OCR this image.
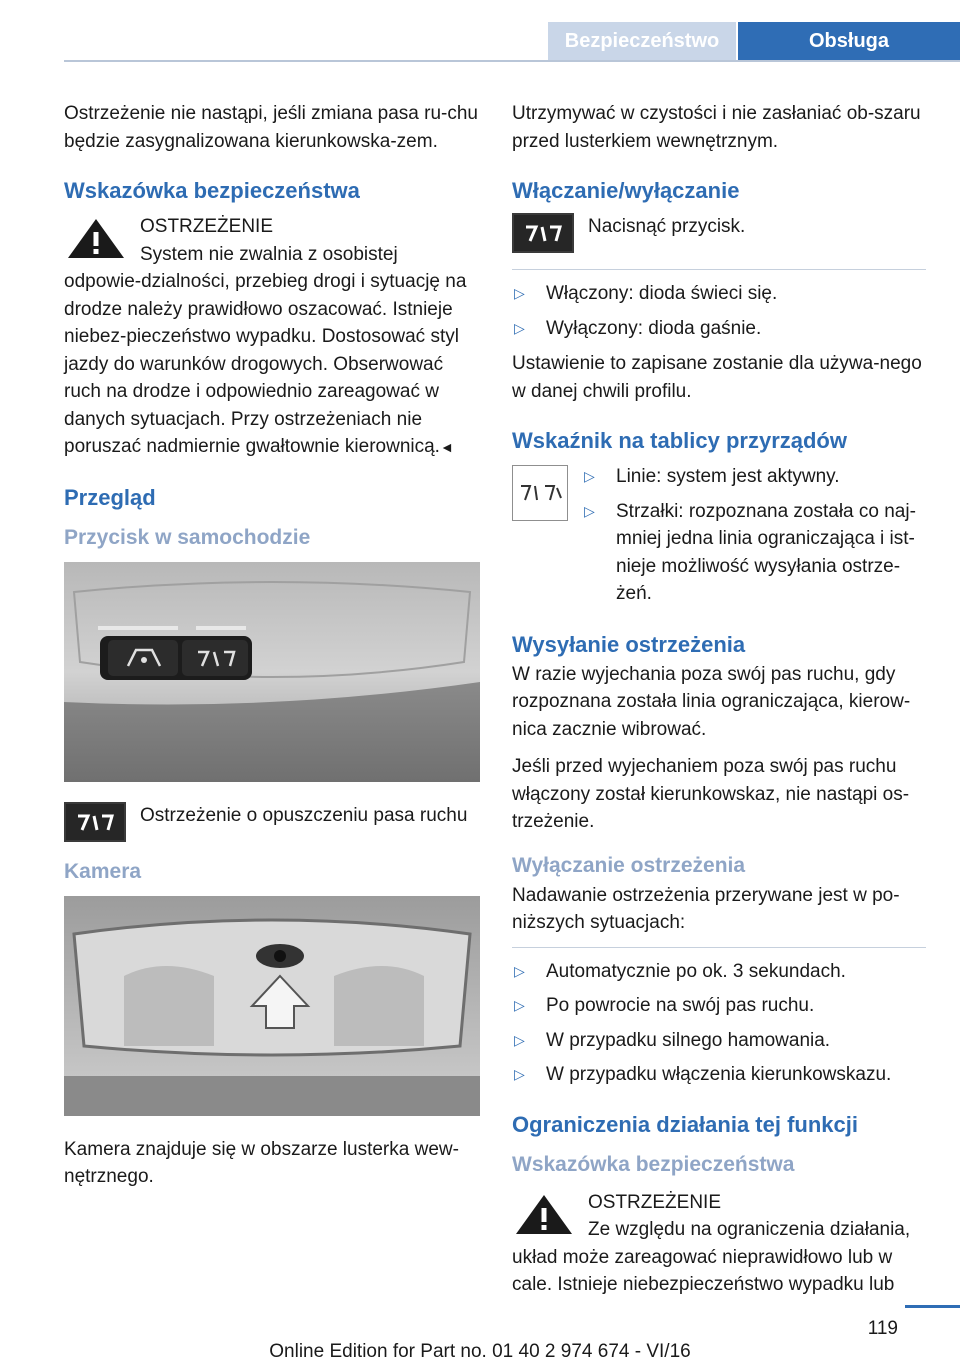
Bezpieczeństwo	Obsługa

Ostrzeżenie nie nastąpi, jeśli zmiana pasa ru-chu będzie zasygnalizowana kierunkowska-zem.

Wskazówka bezpieczeństwa
OSTRZEŻENIE
System nie zwalnia z osobistej odpowie-dzialności, przebieg drogi i sytuację na drodze należy prawidłowo oszacować. Istnieje niebez-pieczeństwo wypadku. Dostosować styl jazdy do warunków drogowych. Obserwować ruch na drodze i odpowiednio zareagować w danych sytuacjach. Przy ostrzeżeniach nie poruszać nadmiernie gwałtownie kierownicą.◄
Przegląd
Przycisk w samochodzie
Ostrzeżenie o opuszczeniu pasa ruchu
Kamera

Kamera znajduje się w obszarze lusterka wew-nętrznego.

Utrzymywać w czystości i nie zasłaniać ob-szaru przed lusterkiem wewnętrznym.

Włączanie/wyłączanie
Nacisnąć przycisk.
▷ Włączony: dioda świeci się.
▷ Wyłączony: dioda gaśnie.

Ustawienie to zapisane zostanie dla używa-nego w danej chwili profilu.

Wskaźnik na tablicy przyrządów
▷ Linie: system jest aktywny.
▷ Strzałki: rozpoznana została co naj-mniej jedna linia ograniczająca i ist-nieje możliwość wysyłania ostrze-żeń.
Wysyłanie ostrzeżenia

W razie wyjechania poza swój pas ruchu, gdy rozpoznana została linia ograniczająca, kierow-nica zacznie wibrować.

Jeśli przed wyjechaniem poza swój pas ruchu włączony został kierunkowskaz, nie nastąpi os-trzeżenie.

Wyłączanie ostrzeżenia

Nadawanie ostrzeżenia przerywane jest w po-niższych sytuacjach:

▷ Automatycznie po ok. 3 sekundach.
▷ Po powrocie na swój pas ruchu.
▷ W przypadku silnego hamowania.
▷ W przypadku włączenia kierunkowskazu.
Ograniczenia działania tej funkcji
Wskazówka bezpieczeństwa
OSTRZEŻENIE
Ze względu na ograniczenia działania, układ może zareagować nieprawidłowo lub w cale. Istnieje niebezpieczeństwo wypadku lub
119
Online Edition for Part no. 01 40 2 974 674 - VI/16
